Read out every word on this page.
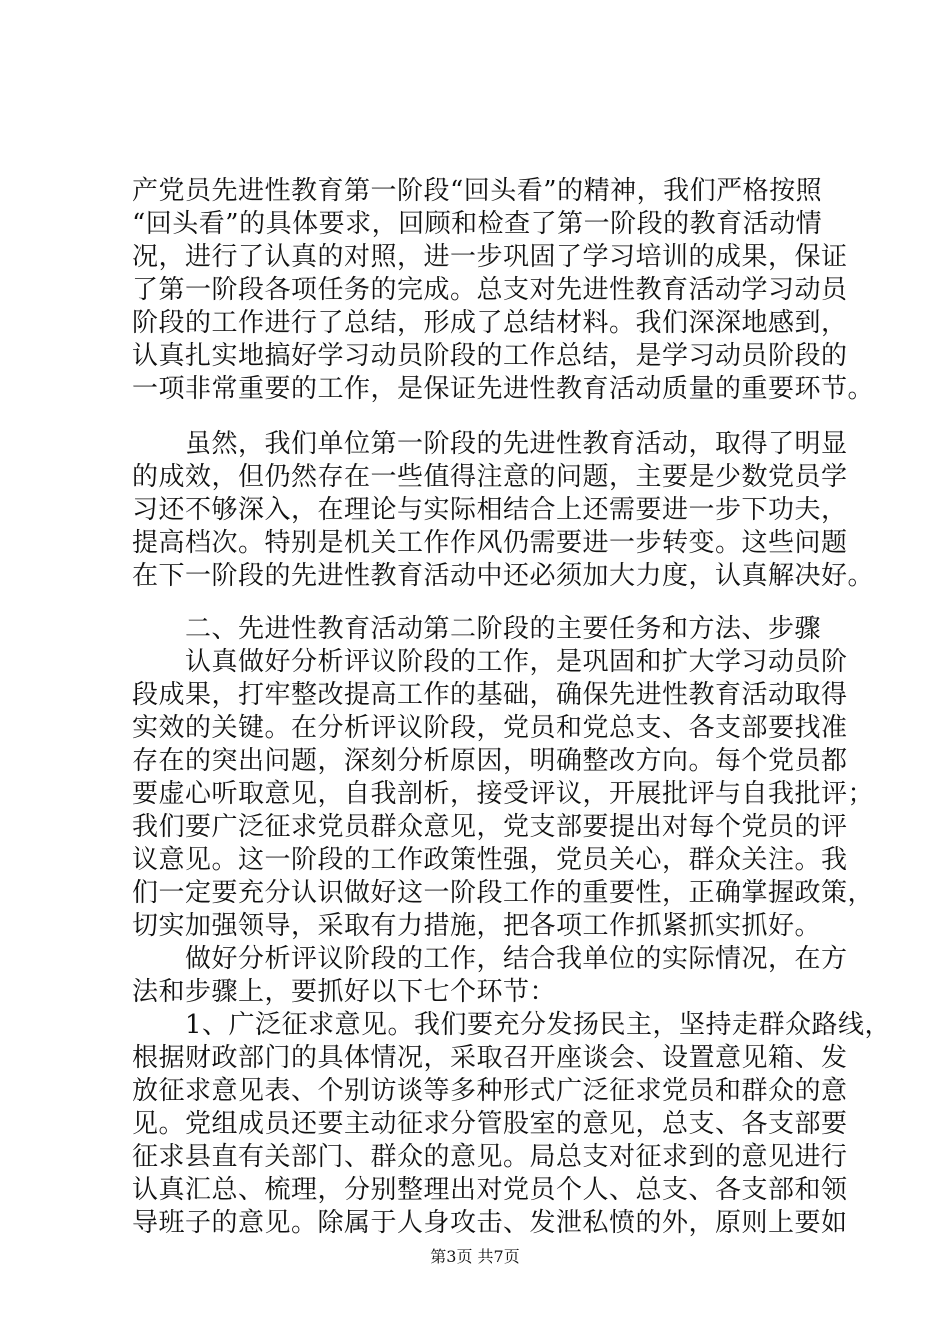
产党员先进性教育第一阶段“回头看”的精神，我们严格按照
“回头看”的具体要求，回顾和检查了第一阶段的教育活动情
况，进行了认真的对照，进一步巩固了学习培训的成果，保证
了第一阶段各项任务的完成。总支对先进性教育活动学习动员
阶段的工作进行了总结，形成了总结材料。我们深深地感到，
认真扎实地搞好学习动员阶段的工作总结，是学习动员阶段的
一项非常重要的工作，是保证先进性教育活动质量的重要环节。
　　虽然，我们单位第一阶段的先进性教育活动，取得了明显
的成效，但仍然存在一些值得注意的问题，主要是少数党员学
习还不够深入，在理论与实际相结合上还需要进一步下功夫，
提高档次。特别是机关工作作风仍需要进一步转变。这些问题
在下一阶段的先进性教育活动中还必须加大力度，认真解决好。
　　二、先进性教育活动第二阶段的主要任务和方法、步骤
　　认真做好分析评议阶段的工作，是巩固和扩大学习动员阶
段成果，打牢整改提高工作的基础，确保先进性教育活动取得
实效的关键。在分析评议阶段，党员和党总支、各支部要找准
存在的突出问题，深刻分析原因，明确整改方向。每个党员都
要虚心听取意见，自我剖析，接受评议，开展批评与自我批评；
我们要广泛征求党员群众意见，党支部要提出对每个党员的评
议意见。这一阶段的工作政策性强，党员关心，群众关注。我
们一定要充分认识做好这一阶段工作的重要性，正确掌握政策，
切实加强领导，采取有力措施，把各项工作抓紧抓实抓好。
　　做好分析评议阶段的工作，结合我单位的实际情况，在方
法和步骤上，要抓好以下七个环节：
　　1、广泛征求意见。我们要充分发扬民主，坚持走群众路线，
根据财政部门的具体情况，采取召开座谈会、设置意见箱、发
放征求意见表、个别访谈等多种形式广泛征求党员和群众的意
见。党组成员还要主动征求分管股室的意见，总支、各支部要
征求县直有关部门、群众的意见。局总支对征求到的意见进行
认真汇总、梳理，分别整理出对党员个人、总支、各支部和领
导班子的意见。除属于人身攻击、发泄私愤的外，原则上要如
第3页 共7页
